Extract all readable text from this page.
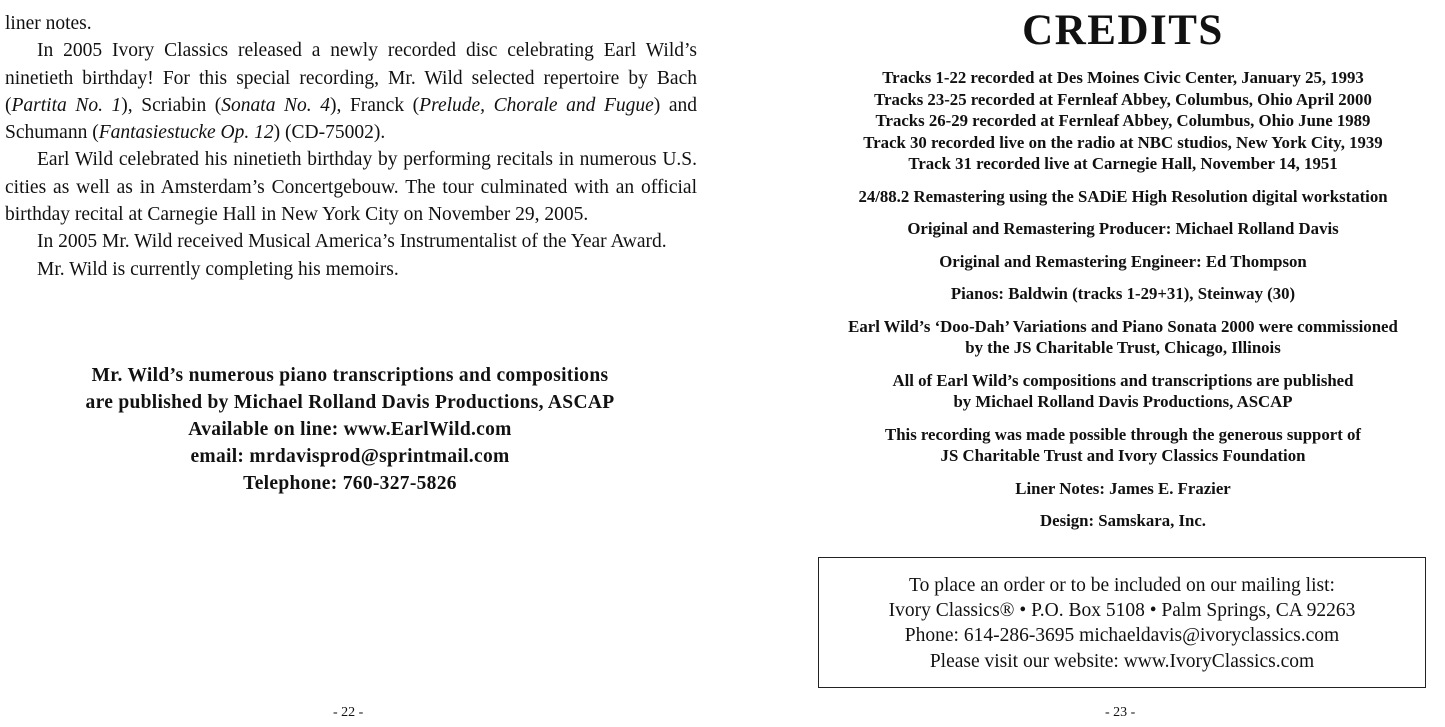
liner notes.

In 2005 Ivory Classics released a newly recorded disc celebrating Earl Wild’s ninetieth birthday! For this special recording, Mr. Wild selected repertoire by Bach (Partita No. 1), Scriabin (Sonata No. 4), Franck (Prelude, Chorale and Fugue) and Schumann (Fantasiestucke Op. 12) (CD-75002).

Earl Wild celebrated his ninetieth birthday by performing recitals in numerous U.S. cities as well as in Amsterdam’s Concertgebouw. The tour culminated with an official birthday recital at Carnegie Hall in New York City on November 29, 2005.

In 2005 Mr. Wild received Musical America’s Instrumentalist of the Year Award.

Mr. Wild is currently completing his memoirs.

Mr. Wild’s numerous piano transcriptions and compositions
are published by Michael Rolland Davis Productions, ASCAP
Available on line: www.EarlWild.com
email: mrdavisprod@sprintmail.com
Telephone: 760-327-5826
- 22 -
CREDITS
Tracks 1-22 recorded at Des Moines Civic Center, January 25, 1993
Tracks 23-25 recorded at Fernleaf Abbey, Columbus, Ohio April 2000
Tracks 26-29 recorded at Fernleaf Abbey, Columbus, Ohio June 1989
Track 30 recorded live on the radio at NBC studios, New York City, 1939
Track 31 recorded live at Carnegie Hall, November 14, 1951
24/88.2 Remastering using the SADiE High Resolution digital workstation
Original and Remastering Producer: Michael Rolland Davis
Original and Remastering Engineer: Ed Thompson
Pianos: Baldwin (tracks 1-29+31), Steinway (30)
Earl Wild’s ‘Doo-Dah’ Variations and Piano Sonata 2000 were commissioned
by the JS Charitable Trust, Chicago, Illinois
All of Earl Wild’s compositions and transcriptions are published
by Michael Rolland Davis Productions, ASCAP
This recording was made possible through the generous support of
JS Charitable Trust and Ivory Classics Foundation
Liner Notes: James E. Frazier
Design: Samskara, Inc.
To place an order or to be included on our mailing list:
Ivory Classics® • P.O. Box 5108 • Palm Springs, CA 92263
Phone: 614-286-3695 michaeldavis@ivoryclassics.com
Please visit our website: www.IvoryClassics.com
- 23 -
